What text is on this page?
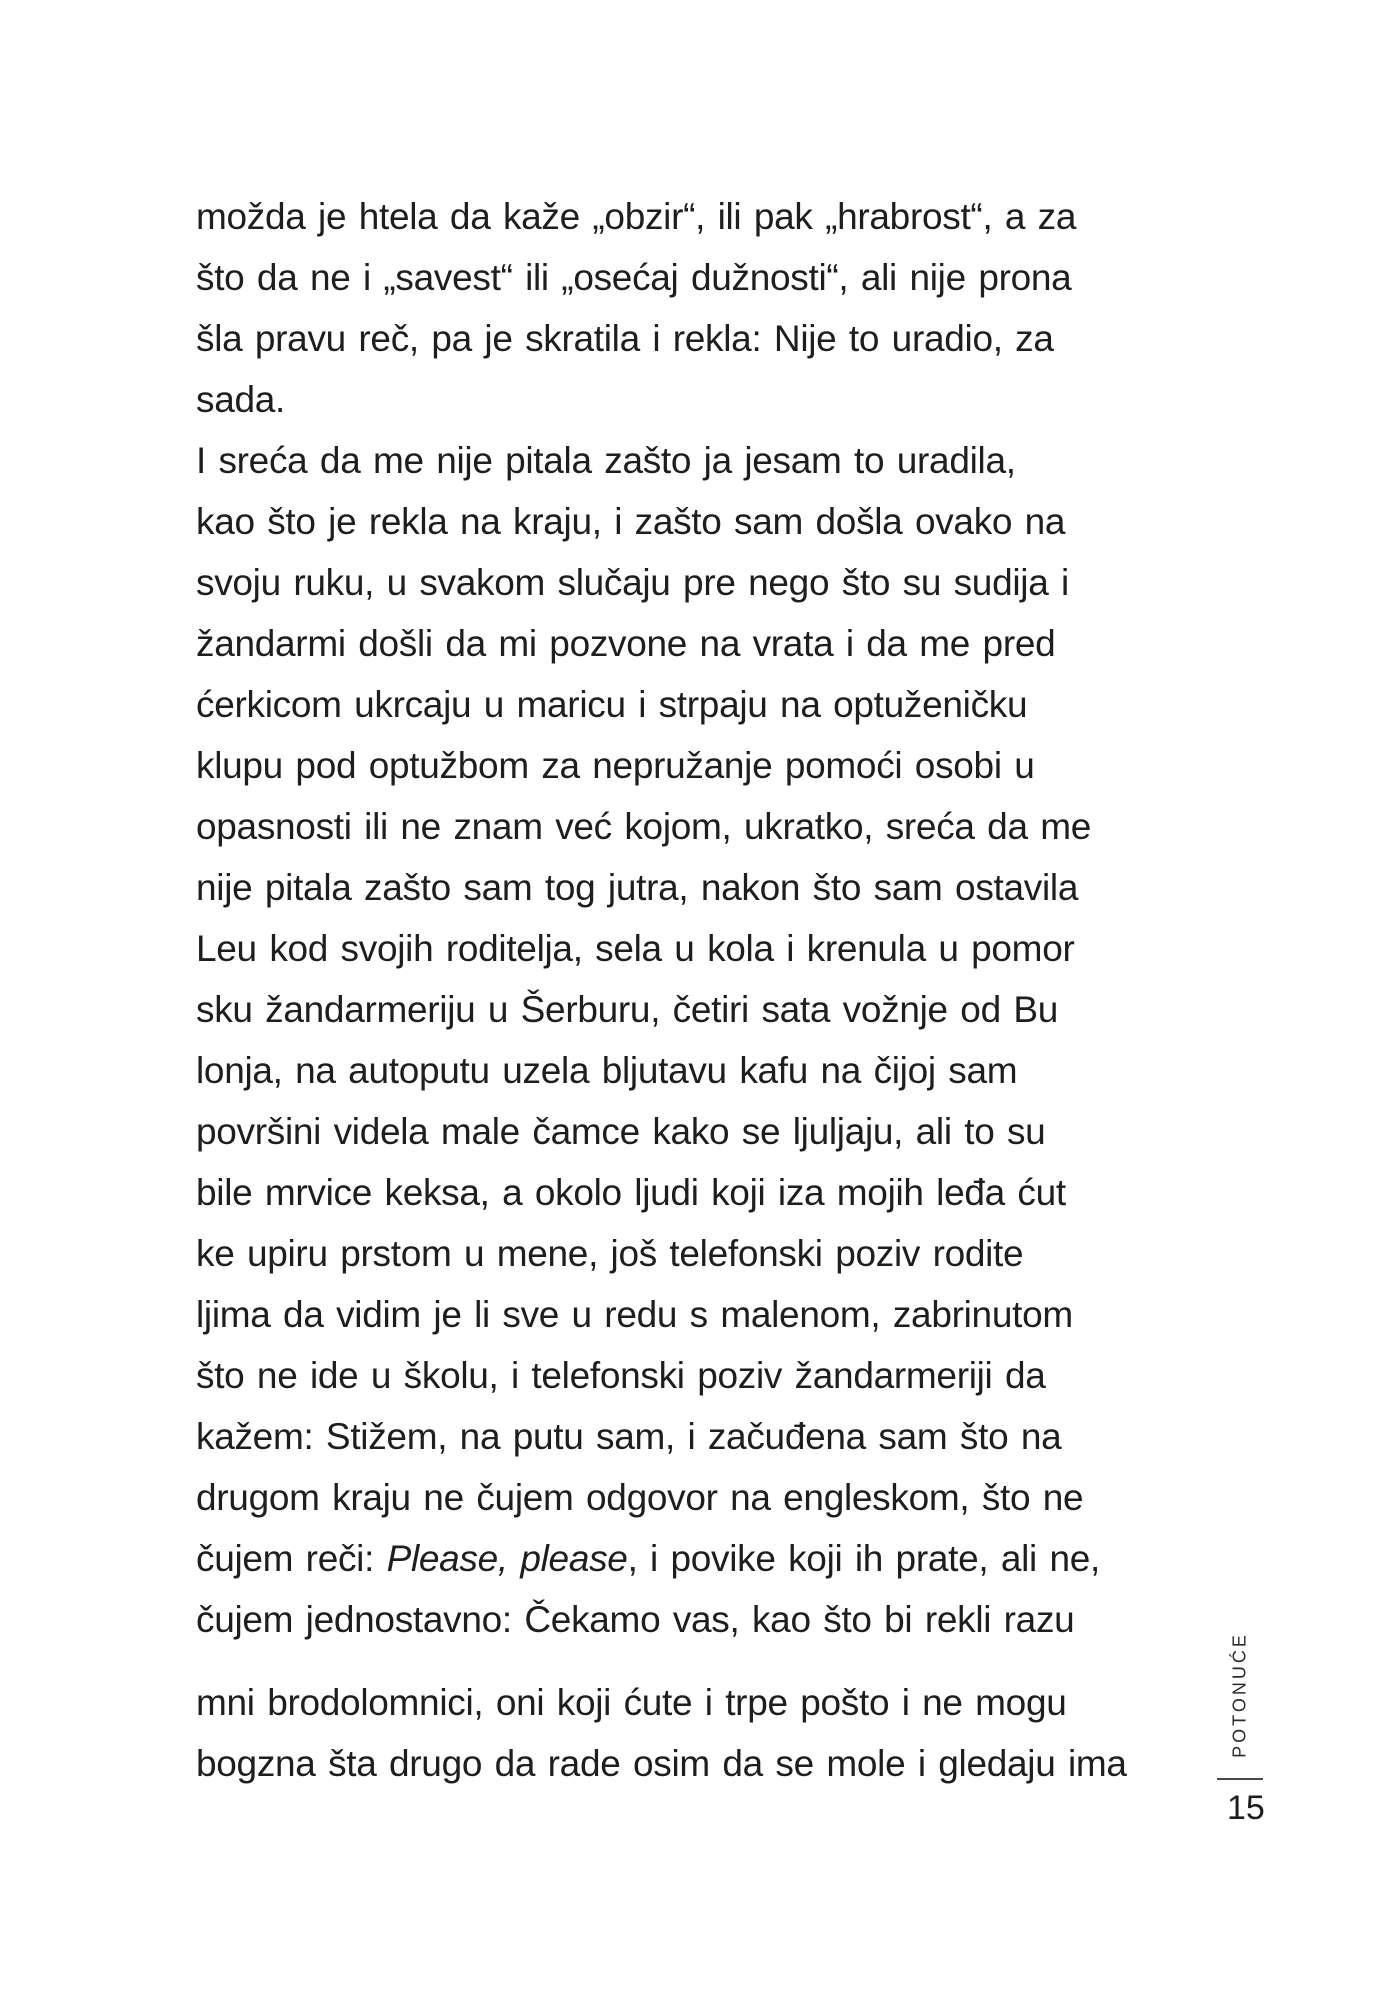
možda je htela da kaže „obzir“, ili pak „hrabrost“, a za
što da ne i „savest“ ili „osećaj dužnosti“, ali nije prona
šla pravu reč, pa je skratila i rekla: Nije to uradio, za
sada.
I sreća da me nije pitala zašto ja jesam to uradila,
kao što je rekla na kraju, i zašto sam došla ovako na
svoju ruku, u svakom slučaju pre nego što su sudija i
žandarmi došli da mi pozvone na vrata i da me pred
ćerkicom ukrcaju u maricu i strpaju na optuženičku
klupu pod optužbom za nepružanje pomoći osobi u
opasnosti ili ne znam već kojom, ukratko, sreća da me
nije pitala zašto sam tog jutra, nakon što sam ostavila
Leu kod svojih roditelja, sela u kola i krenula u pomor
sku žandarmeriju u Šerburu, četiri sata vožnje od Bu
lonja, na autoputu uzela bljutavu kafu na čijoj sam
površini videla male čamce kako se ljuljaju, ali to su
bile mrvice keksa, a okolo ljudi koji iza mojih leđa ćut
ke upiru prstom u mene, još telefonski poziv rodite
ljima da vidim je li sve u redu s malenom, zabrinutom
što ne ide u školu, i telefonski poziv žandarmeriji da
kažem: Stižem, na putu sam, i začuđena sam što na
drugom kraju ne čujem odgovor na engleskom, što ne
čujem reči: Please, please, i povike koji ih prate, ali ne,
čujem jednostavno: Čekamo vas, kao što bi rekli razu
mni brodolomnici, oni koji ćute i trpe pošto i ne mogu
bogzna šta drugo da rade osim da se mole i gledaju ima
POTONUĆE
15
